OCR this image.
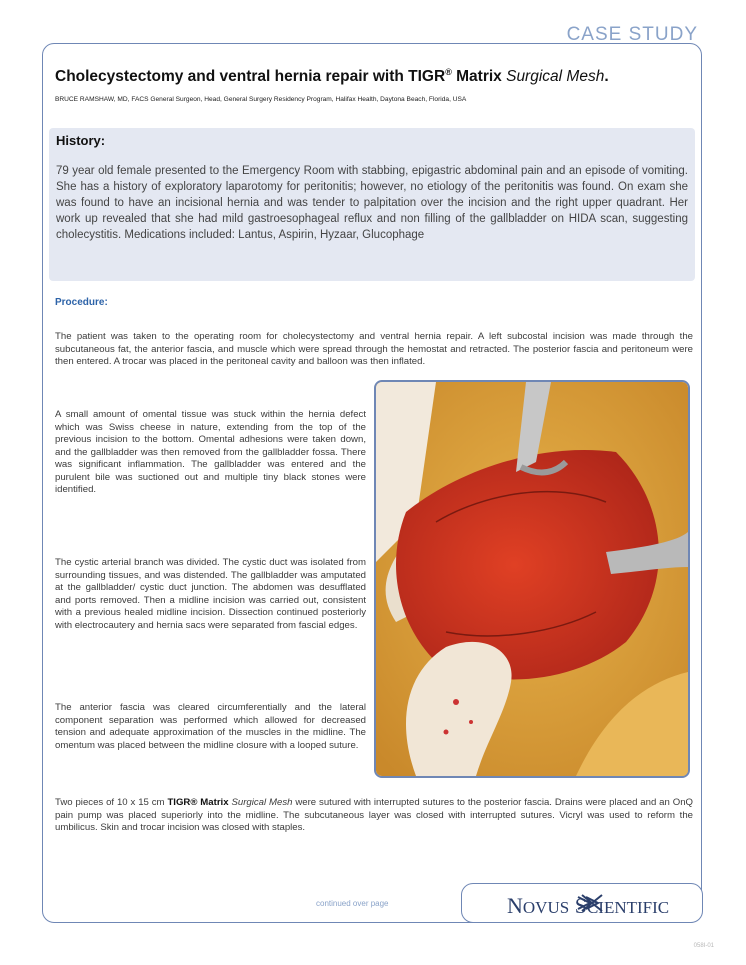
CASE STUDY
Cholecystectomy and ventral hernia repair with TIGR® Matrix Surgical Mesh.
BRUCE RAMSHAW, MD, FACS General Surgeon, Head, General Surgery Residency Program, Halifax Health, Daytona Beach, Florida, USA
History:
79 year old female presented to the Emergency Room with stabbing, epigastric abdominal pain and an episode of vomiting. She has a history of exploratory laparotomy for peritonitis; however, no etiology of the peritonitis was found. On exam she was found to have an incisional hernia and was tender to palpitation over the incision and the right upper quadrant. Her work up revealed that she had mild gastroesophageal reflux and non filling of the gallbladder on HIDA scan, suggesting cholecystitis. Medications included: Lantus, Aspirin, Hyzaar, Glucophage
Procedure:
The patient was taken to the operating room for cholecystectomy and ventral hernia repair. A left subcostal incision was made through the subcutaneous fat, the anterior fascia, and muscle which were spread through the hemostat and retracted. The posterior fascia and peritoneum were then entered. A trocar was placed in the peritoneal cavity and balloon was then inflated.
A small amount of omental tissue was stuck within the hernia defect which was Swiss cheese in nature, extending from the top of the previous incision to the bottom. Omental adhesions were taken down, and the gallbladder was then removed from the gallbladder fossa. There was significant inflammation. The gallbladder was entered and the purulent bile was suctioned out and multiple tiny black stones were identified.
The cystic arterial branch was divided. The cystic duct was isolated from surrounding tissues, and was distended. The gallbladder was amputated at the gallbladder/ cystic duct junction. The abdomen was desufflated and ports removed. Then a midline incision was carried out, consistent with a previous healed midline incision. Dissection continued posteriorly with electrocautery and hernia sacs were separated from fascial edges.
The anterior fascia was cleared circumferentially and the lateral component separation was performed which allowed for decreased tension and adequate approximation of the muscles in the midline. The omentum was placed between the midline closure with a looped suture.
Two pieces of 10 x 15 cm TIGR® Matrix Surgical Mesh were sutured with interrupted sutures to the posterior fascia. Drains were placed and an OnQ pain pump was placed superiorly into the midline. The subcutaneous layer was closed with interrupted sutures. Vicryl was used to reform the umbilicus. Skin and trocar incision was closed with staples.
continued over page	NOVUS SCIENTIFIC
058I-01
